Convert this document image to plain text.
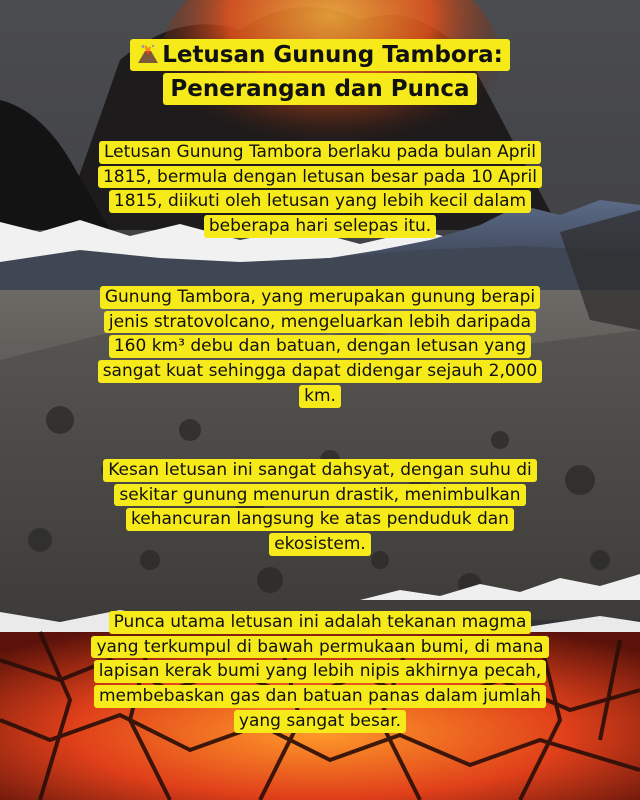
Letusan Gunung Tambora:
Penerangan dan Punca
Letusan Gunung Tambora berlaku pada bulan April
1815, bermula dengan letusan besar pada 10 April
1815, diikuti oleh letusan yang lebih kecil dalam
beberapa hari selepas itu.
Gunung Tambora, yang merupakan gunung berapi
jenis stratovolcano, mengeluarkan lebih daripada
160 km³ debu dan batuan, dengan letusan yang
sangat kuat sehingga dapat didengar sejauh 2,000
km.
Kesan letusan ini sangat dahsyat, dengan suhu di
sekitar gunung menurun drastik, menimbulkan
kehancuran langsung ke atas penduduk dan
ekosistem.
Punca utama letusan ini adalah tekanan magma
yang terkumpul di bawah permukaan bumi, di mana
lapisan kerak bumi yang lebih nipis akhirnya pecah,
membebaskan gas dan batuan panas dalam jumlah
yang sangat besar.
